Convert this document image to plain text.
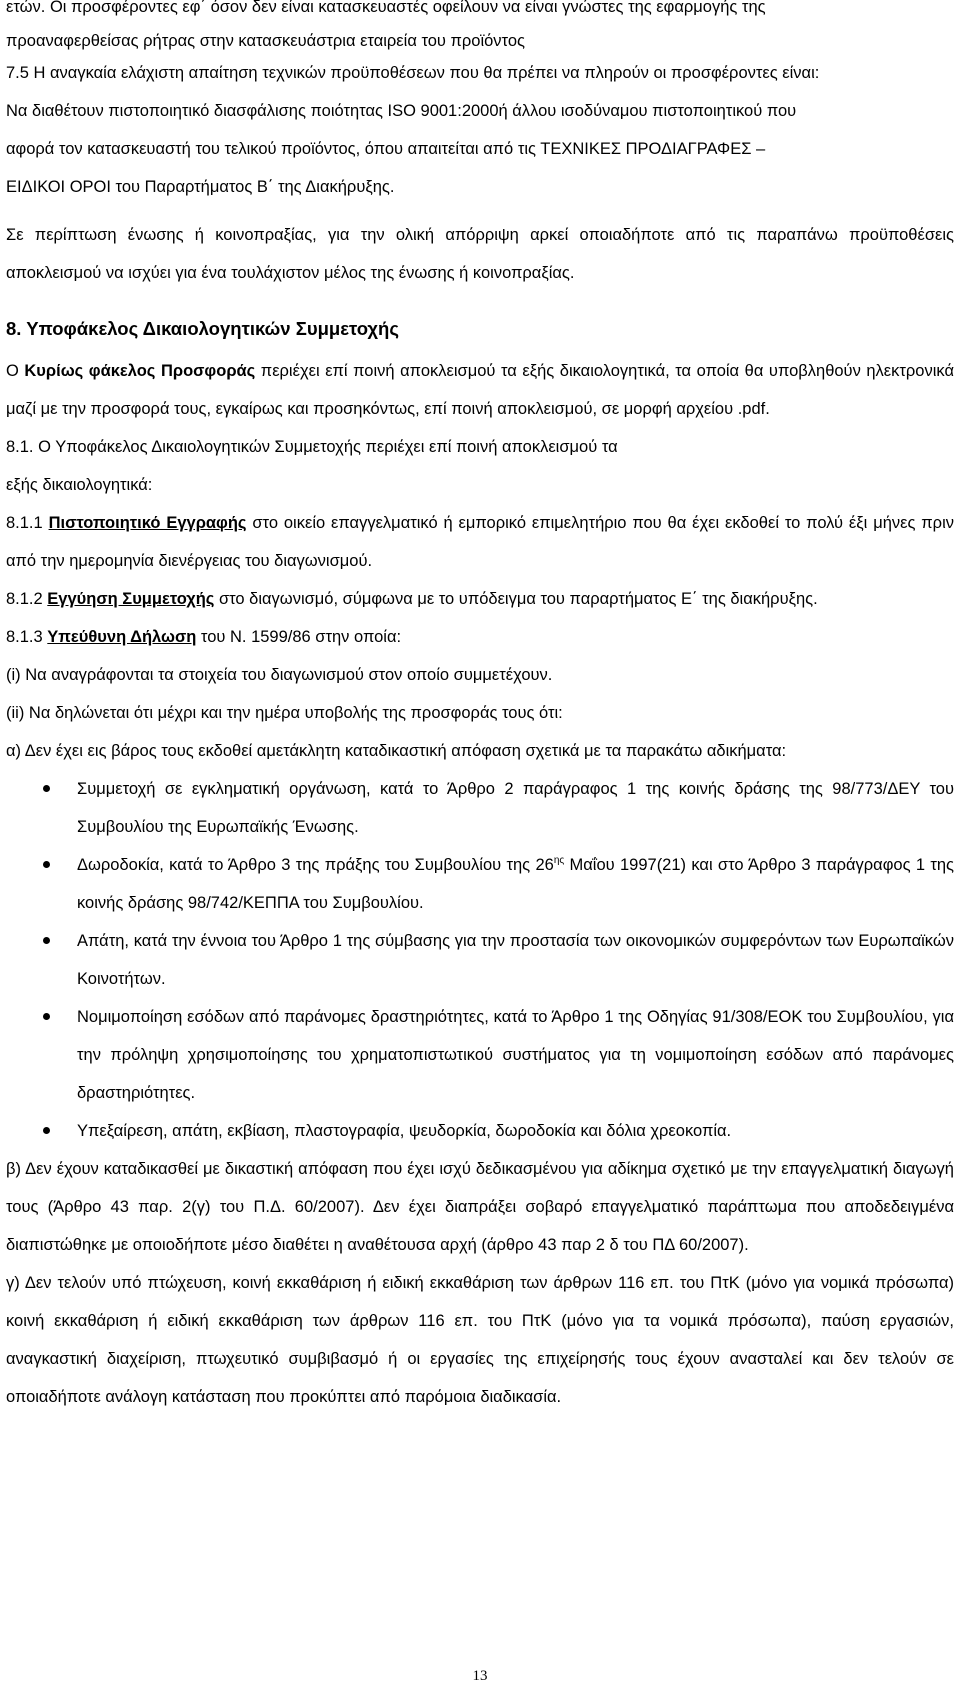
ετών. Οι προσφέροντες εφ΄ όσον δεν είναι κατασκευαστές οφείλουν να είναι γνώστες της εφαρμογής της
προαναφερθείσας ρήτρας στην κατασκευάστρια εταιρεία του προϊόντος
7.5 Η αναγκαία ελάχιστη απαίτηση τεχνικών προϋποθέσεων που θα πρέπει να πληρούν οι προσφέροντες είναι:
Να διαθέτουν πιστοποιητικό διασφάλισης ποιότητας ISO 9001:2000ή άλλου ισοδύναμου πιστοποιητικού που
αφορά τον κατασκευαστή του τελικού προϊόντος, όπου απαιτείται από τις ΤΕΧΝΙΚΕΣ ΠΡΟΔΙΑΓΡΑΦΕΣ –
ΕΙΔΙΚΟΙ ΟΡΟΙ του Παραρτήματος Β΄ της Διακήρυξης.
Σε περίπτωση ένωσης ή κοινοπραξίας, για την ολική απόρριψη αρκεί οποιαδήποτε από τις παραπάνω προϋποθέσεις αποκλεισμού να ισχύει για ένα τουλάχιστον μέλος της ένωσης ή κοινοπραξίας.
8. Υποφάκελος Δικαιολογητικών Συμμετοχής
Ο Κυρίως φάκελος Προσφοράς περιέχει επί ποινή αποκλεισμού τα εξής δικαιολογητικά, τα οποία θα υποβληθούν ηλεκτρονικά μαζί με την προσφορά τους, εγκαίρως και προσηκόντως, επί ποινή αποκλεισμού, σε μορφή αρχείου .pdf.
8.1. Ο Υποφάκελος Δικαιολογητικών Συμμετοχής περιέχει επί ποινή αποκλεισμού τα
εξής δικαιολογητικά:
8.1.1 Πιστοποιητικό Εγγραφής στο οικείο επαγγελματικό ή εμπορικό επιμελητήριο που θα έχει εκδοθεί το πολύ έξι μήνες πριν από την ημερομηνία διενέργειας του διαγωνισμού.
8.1.2 Εγγύηση Συμμετοχής στο διαγωνισμό, σύμφωνα με το υπόδειγμα του παραρτήματος Ε΄ της διακήρυξης.
8.1.3 Υπεύθυνη Δήλωση του Ν. 1599/86 στην οποία:
(i) Να αναγράφονται τα στοιχεία του διαγωνισμού στον οποίο συμμετέχουν.
(ii) Να δηλώνεται ότι μέχρι και την ημέρα υποβολής της προσφοράς τους ότι:
α) Δεν έχει εις βάρος τους εκδοθεί αμετάκλητη καταδικαστική απόφαση σχετικά με τα παρακάτω αδικήματα:
Συμμετοχή σε εγκληματική οργάνωση, κατά το Άρθρο 2 παράγραφος 1 της κοινής δράσης της 98/773/ΔΕΥ του Συμβουλίου της Ευρωπαϊκής Ένωσης.
Δωροδοκία, κατά το Άρθρο 3 της πράξης του Συμβουλίου της $26^{\eta\varsigma}$ Μαΐου 1997(21) και στο Άρθρο 3 παράγραφος 1 της κοινής δράσης 98/742/ΚΕΠΠΑ του Συμβουλίου.
Απάτη, κατά την έννοια του Άρθρο 1 της σύμβασης για την προστασία των οικονομικών συμφερόντων των Ευρωπαϊκών Κοινοτήτων.
Νομιμοποίηση εσόδων από παράνομες δραστηριότητες, κατά το Άρθρο 1 της Οδηγίας 91/308/ΕΟΚ του Συμβουλίου, για την πρόληψη χρησιμοποίησης του χρηματοπιστωτικού συστήματος για τη νομιμοποίηση εσόδων από παράνομες δραστηριότητες.
Υπεξαίρεση, απάτη, εκβίαση, πλαστογραφία, ψευδορκία, δωροδοκία και δόλια χρεοκοπία.
β) Δεν έχουν καταδικασθεί με δικαστική απόφαση που έχει ισχύ δεδικασμένου για αδίκημα σχετικό με την επαγγελματική διαγωγή τους (Άρθρο 43 παρ. 2(γ) του Π.Δ. 60/2007). Δεν έχει διαπράξει σοβαρό επαγγελματικό παράπτωμα που αποδεδειγμένα διαπιστώθηκε με οποιοδήποτε μέσο διαθέτει η αναθέτουσα αρχή (άρθρο 43 παρ 2 δ του ΠΔ 60/2007).
γ) Δεν τελούν υπό πτώχευση, κοινή εκκαθάριση ή ειδική εκκαθάριση των άρθρων 116 επ. του ΠτΚ (μόνο για νομικά πρόσωπα) κοινή εκκαθάριση ή ειδική εκκαθάριση των άρθρων 116 επ. του ΠτΚ (μόνο για τα νομικά πρόσωπα), παύση εργασιών, αναγκαστική διαχείριση, πτωχευτικό συμβιβασμό ή οι εργασίες της επιχείρησής τους έχουν ανασταλεί και δεν τελούν σε οποιαδήποτε ανάλογη κατάσταση που προκύπτει από παρόμοια διαδικασία.
13
